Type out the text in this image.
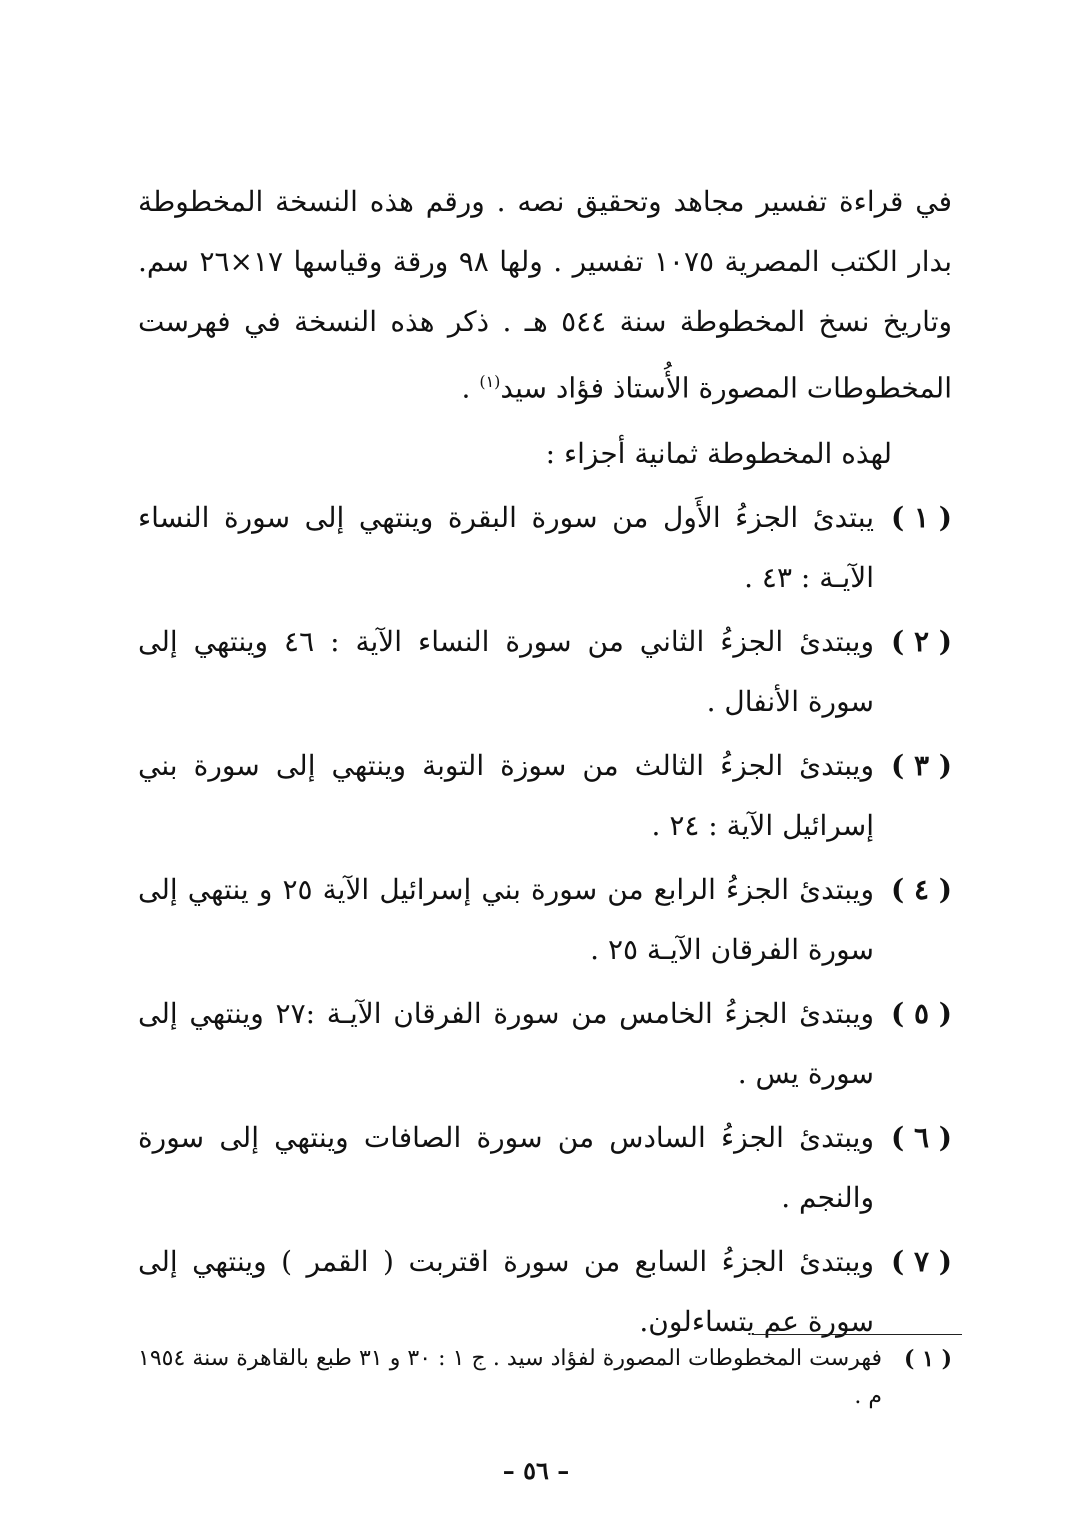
في قراءة تفسير مجاهد وتحقيق نصه . ورقم هذه النسخة المخطوطة بدار الكتب المصرية ١٠٧٥ تفسير . ولها ٩٨ ورقة وقياسها ١٧×٢٦ سم. وتاريخ نسخ المخطوطة سنة ٥٤٤ هـ . ذكر هذه النسخة في فهرست المخطوطات المصورة الأُستاذ فؤاد سيد$^{(١)}$ .

لهذه المخطوطة ثمانية أجزاء :

( ١ )
يبتدئ الجزءُ الأَول من سورة البقرة وينتهي إلى سورة النساء الآيـة : ٤٣ .
( ٢ )
ويبتدئ الجزءُ الثاني من سورة النساء الآية : ٤٦ وينتهي إلى سورة الأنفال .
( ٣ )
ويبتدئ الجزءُ الثالث من سوزة التوبة وينتهي إلى سورة بني إسرائيل الآية : ٢٤ .
( ٤ )
ويبتدئ الجزءُ الرابع من سورة بني إسرائيل الآية ٢٥ و ينتهي إلى سورة الفرقان الآيـة ٢٥ .
( ٥ )
ويبتدئ الجزءُ الخامس من سورة الفرقان الآيـة :٢٧ وينتهي إلى سورة يس .
( ٦ )
ويبتدئ الجزءُ السادس من سورة الصافات وينتهي إلى سورة والنجم .
( ٧ )
ويبتدئ الجزءُ السابع من سورة اقتربت ( القمر ) وينتهي إلى سورة عم يتساءلون.
( ١ )
فهرست المخطوطات المصورة لفؤاد سيد . ج ١ : ٣٠ و ٣١ طبع بالقاهرة سنة ١٩٥٤ م .
– ٥٦ –
